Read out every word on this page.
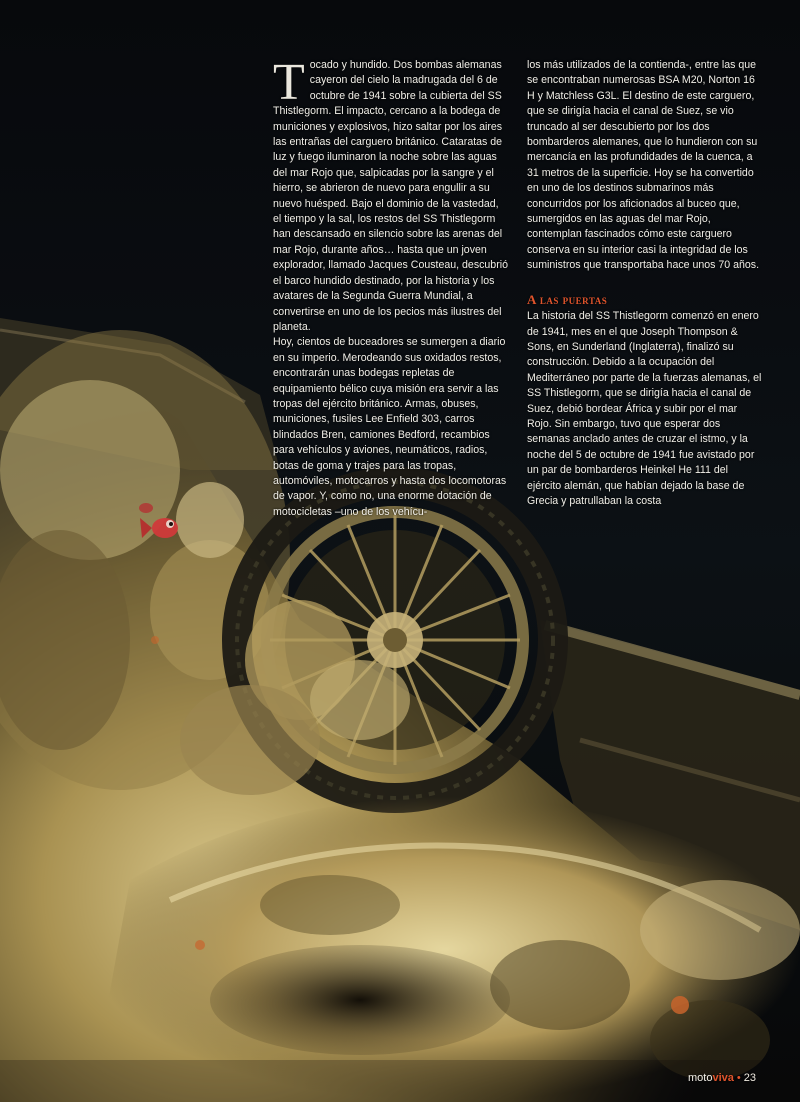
Tocado y hundido. Dos bombas alemanas cayeron del cielo la madrugada del 6 de octubre de 1941 sobre la cubierta del SS Thistlegorm. El impacto, cercano a la bodega de municiones y explosivos, hizo saltar por los aires las entrañas del carguero británico. Cataratas de luz y fuego iluminaron la noche sobre las aguas del mar Rojo que, salpicadas por la sangre y el hierro, se abrieron de nuevo para engullir a su nuevo huésped. Bajo el dominio de la vastedad, el tiempo y la sal, los restos del SS Thistlegorm han descansado en silencio sobre las arenas del mar Rojo, durante años… hasta que un joven explorador, llamado Jacques Cousteau, descubrió el barco hundido destinado, por la historia y los avatares de la Segunda Guerra Mundial, a convertirse en uno de los pecios más ilustres del planeta.

Hoy, cientos de buceadores se sumergen a diario en su imperio. Merodeando sus oxidados restos, encontrarán unas bodegas repletas de equipamiento bélico cuya misión era servir a las tropas del ejército británico. Armas, obuses, municiones, fusiles Lee Enfield 303, carros blindados Bren, camiones Bedford, recambios para vehículos y aviones, neumáticos, radios, botas de goma y trajes para las tropas, automóviles, motocarros y hasta dos locomotoras de vapor. Y, como no, una enorme dotación de motocicletas –uno de los vehícu-

los más utilizados de la contienda-, entre las que se encontraban numerosas BSA M20, Norton 16 H y Matchless G3L. El destino de este carguero, que se dirigía hacia el canal de Suez, se vio truncado al ser descubierto por los dos bombarderos alemanes, que lo hundieron con su mercancía en las profundidades de la cuenca, a 31 metros de la superficie. Hoy se ha convertido en uno de los destinos submarinos más concurridos por los aficionados al buceo que, sumergidos en las aguas del mar Rojo, contemplan fascinados cómo este carguero conserva en su interior casi la integridad de los suministros que transportaba hace unos 70 años.

A las puertas

La historia del SS Thistlegorm comenzó en enero de 1941, mes en el que Joseph Thompson & Sons, en Sunderland (Inglaterra), finalizó su construcción. Debido a la ocupación del Mediterráneo por parte de la fuerzas alemanas, el SS Thistlegorm, que se dirigía hacia el canal de Suez, debió bordear África y subir por el mar Rojo. Sin embargo, tuvo que esperar dos semanas anclado antes de cruzar el istmo, y la noche del 5 de octubre de 1941 fue avistado por un par de bombarderos Heinkel He 111 del ejército alemán, que habían dejado la base de Grecia y patrullaban la costa

motoviva • 23
